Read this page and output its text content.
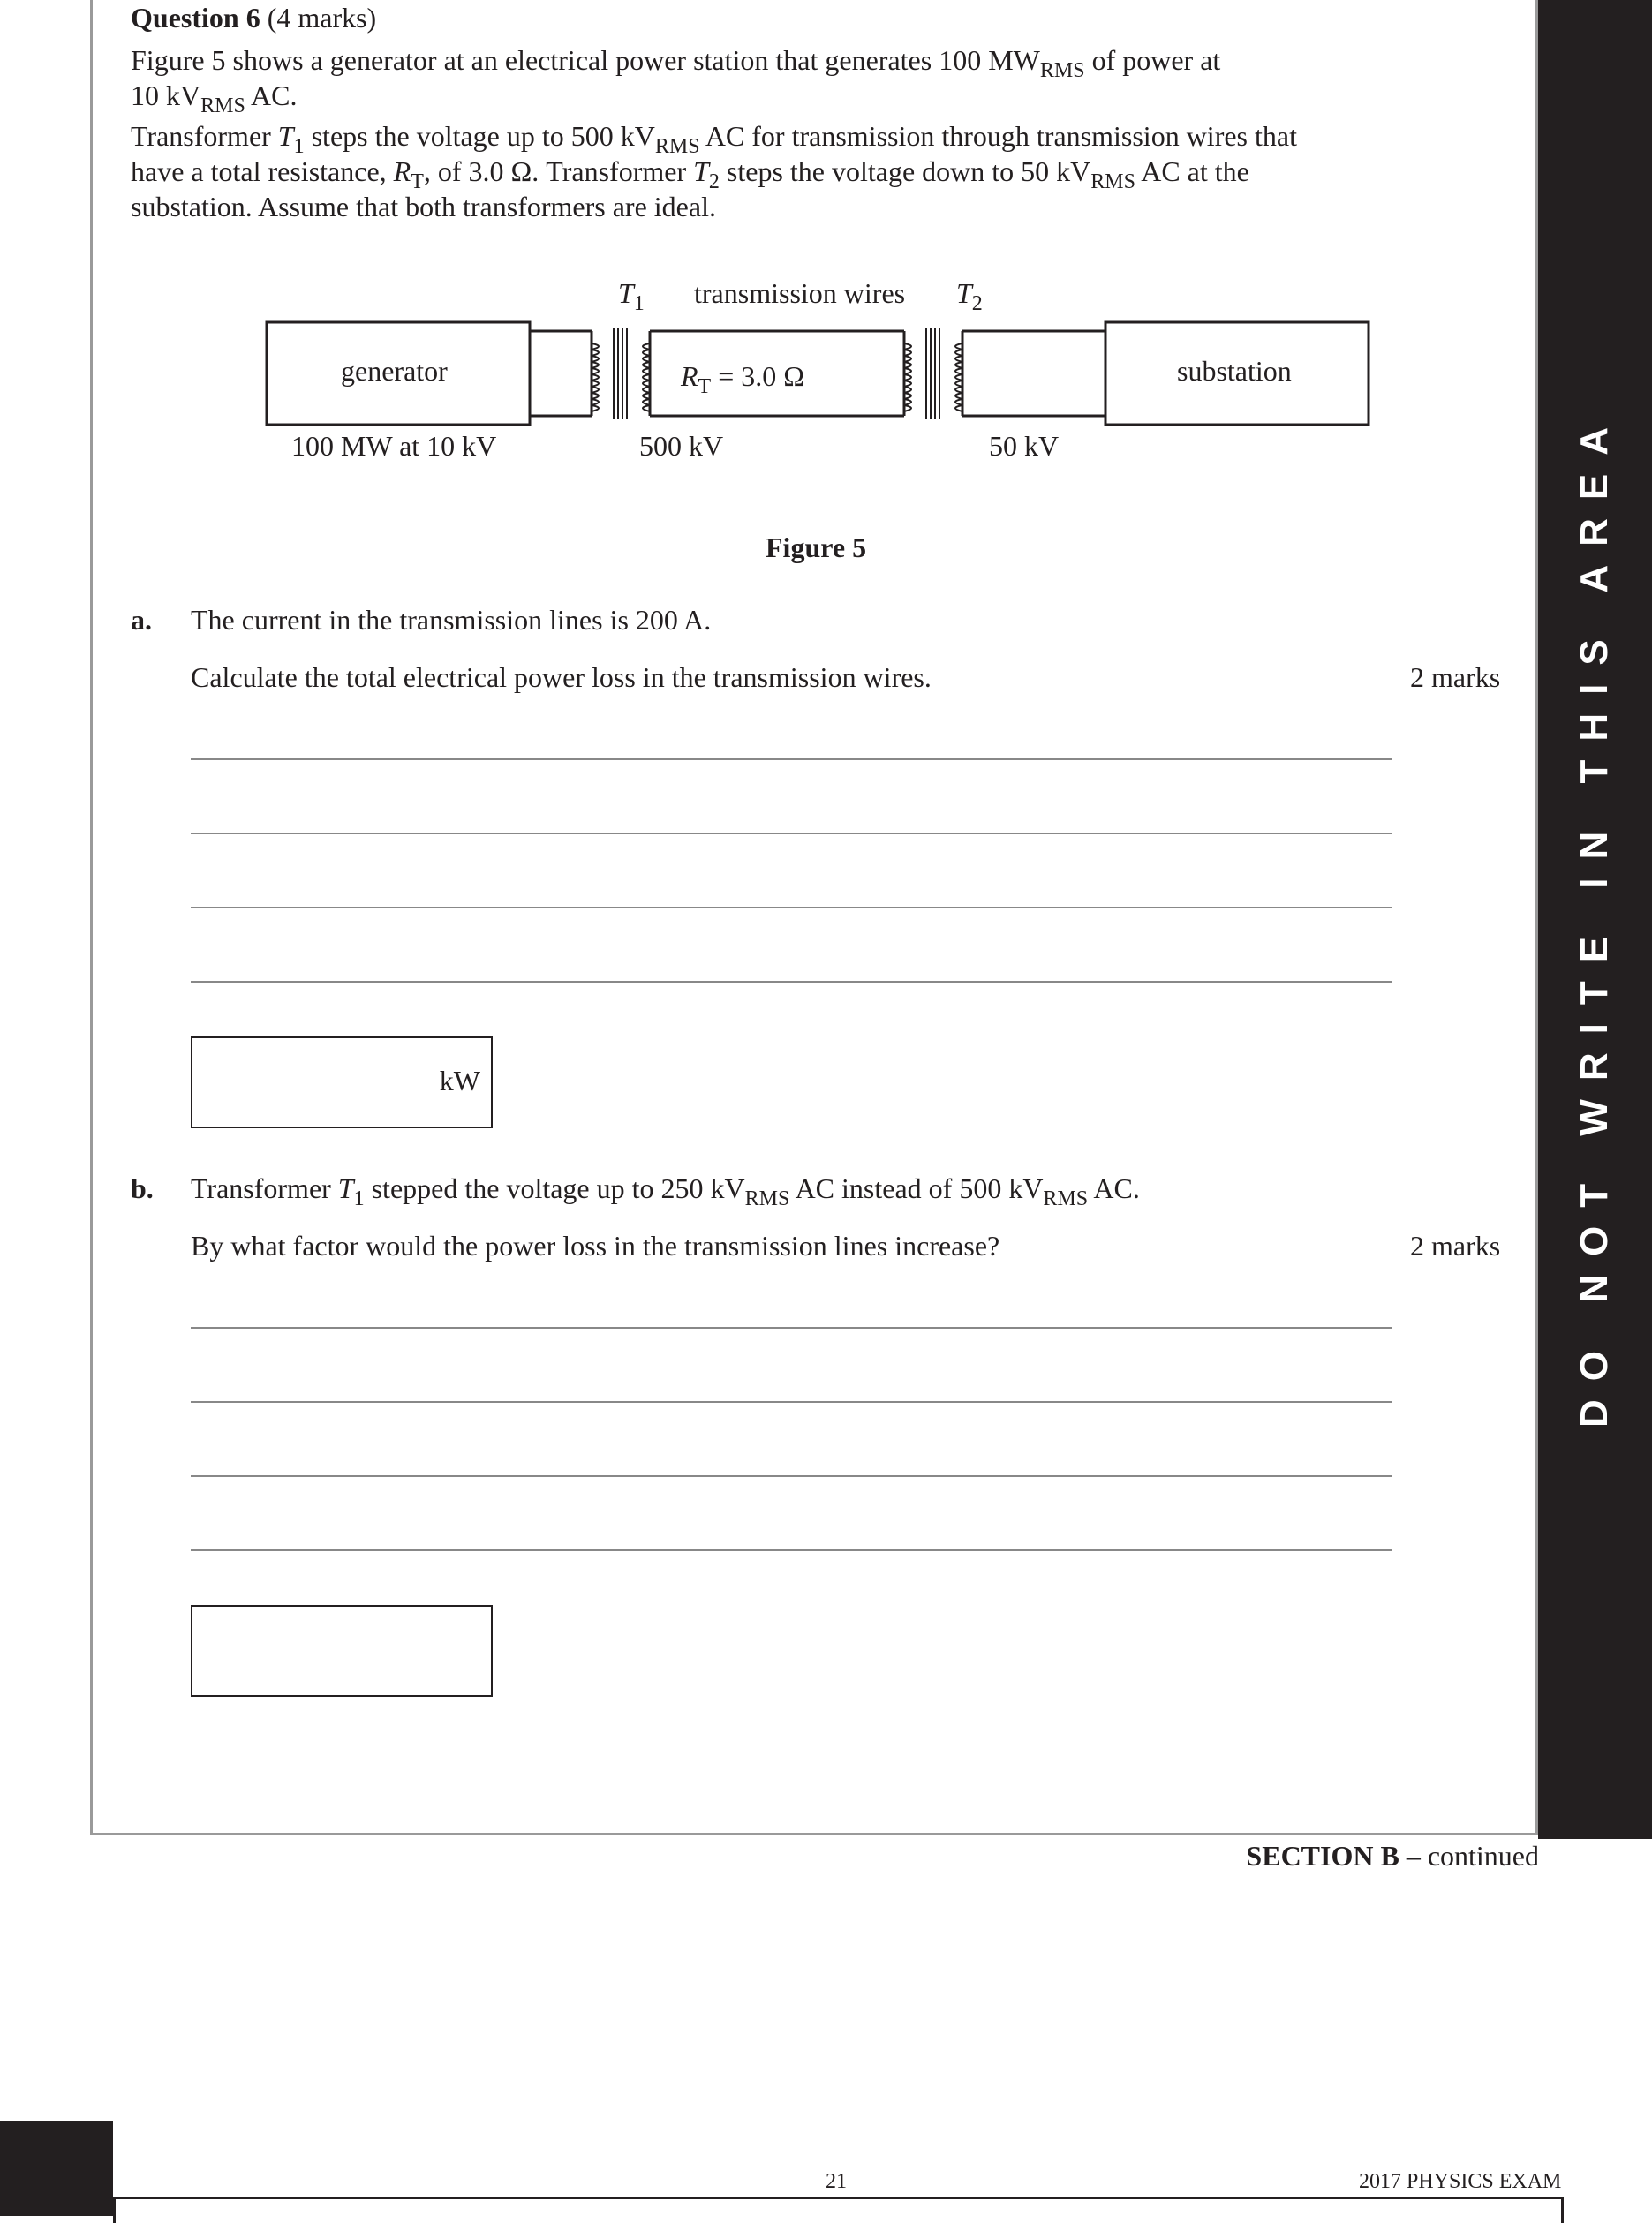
DO NOT WRITE IN THIS AREA
Question 6 (4 marks)
Figure 5 shows a generator at an electrical power station that generates 100 $MW_{RMS}$ of power at
10 $kV_{RMS}$ AC.
Transformer $T_1$ steps the voltage up to 500 $kV_{RMS}$ AC for transmission through transmission wires that
have a total resistance, $R_T$, of 3.0 Ω. Transformer $T_2$ steps the voltage down to 50 $kV_{RMS}$ AC at the
substation. Assume that both transformers are ideal.
$T_1$ transmission wires $T_2$
generator	substation
$R_T = 3.0$ Ω
100 MW at 10 kV	500 kV	50 kV
Figure 5
a. The current in the transmission lines is 200 A.
Calculate the total electrical power loss in the transmission wires.	2 marks
kW
b. Transformer $T_1$ stepped the voltage up to 250 $kV_{RMS}$ AC instead of 500 $kV_{RMS}$ AC.
By what factor would the power loss in the transmission lines increase?	2 marks
SECTION B – continued
21	2017 PHYSICS EXAM
